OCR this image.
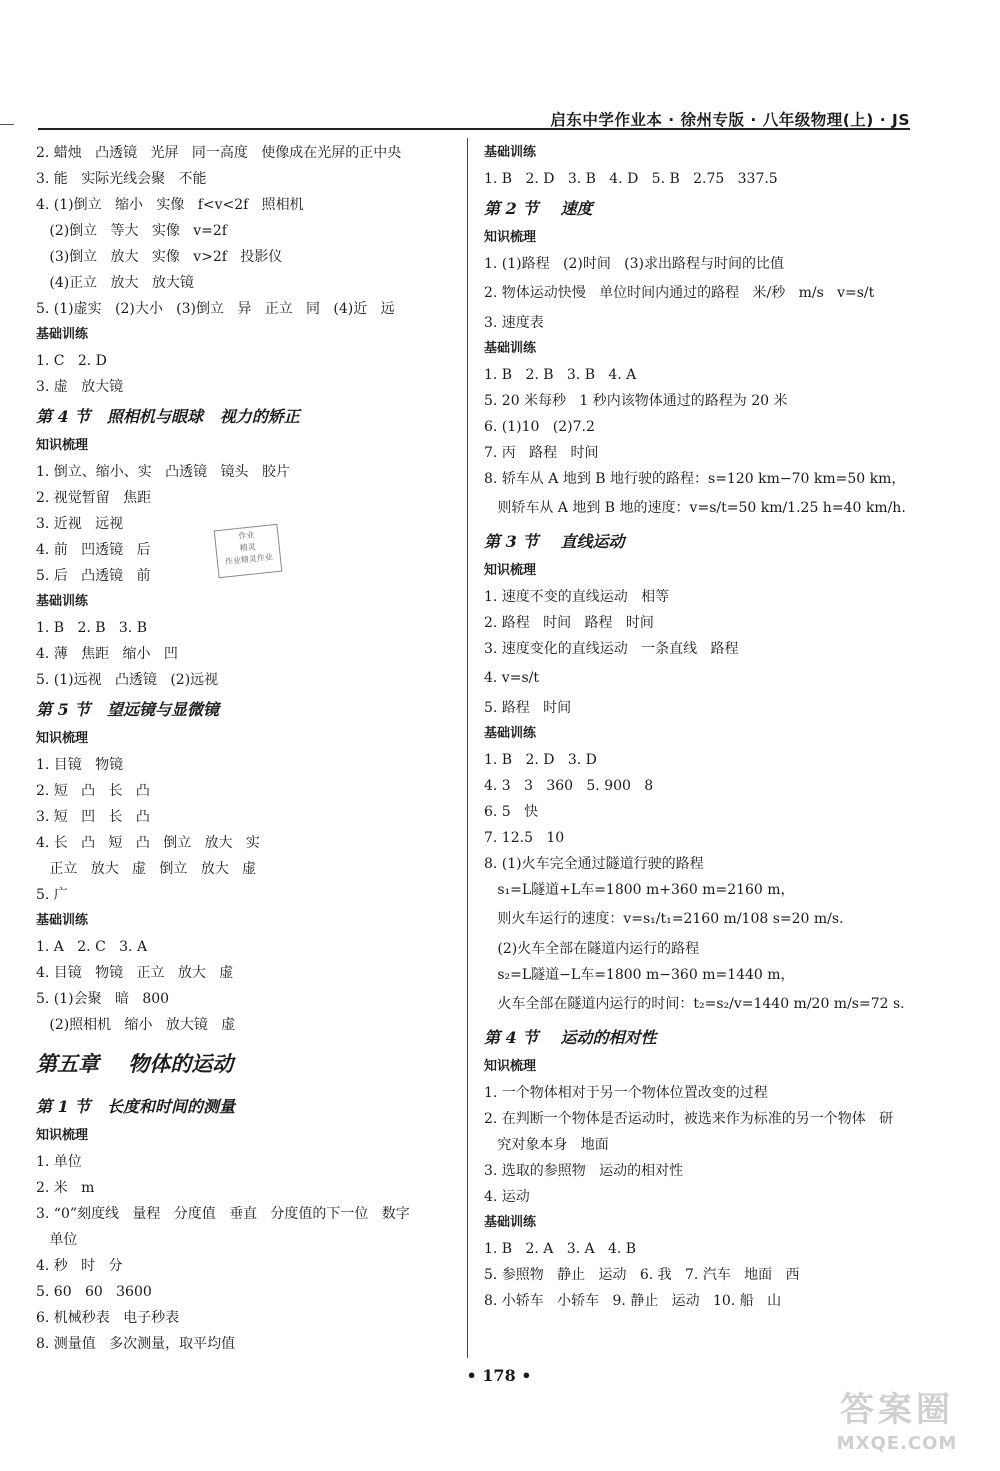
启东中学作业本 · 徐州专版 · 八年级物理(上) · JS
2. 蜡烛   凸透镜   光屏   同一高度   使像成在光屏的正中央
3. 能   实际光线会聚   不能
4. (1)倒立   缩小   实像   f<v<2f   照相机
(2)倒立   等大   实像   v=2f
(3)倒立   放大   实像   v>2f   投影仪
(4)正立   放大   放大镜
5. (1)虚实   (2)大小   (3)倒立   异   正立   同   (4)近   远
基础训练
1. C   2. D
3. 虚   放大镜
第 4 节   照相机与眼球   视力的矫正
知识梳理
1. 倒立、缩小、实   凸透镜   镜头   胶片
2. 视觉暂留   焦距
3. 近视   远视
4. 前   凹透镜   后
5. 后   凸透镜   前
基础训练
1. B   2. B   3. B
4. 薄   焦距   缩小   凹
5. (1)远视   凸透镜   (2)远视
第 5 节   望远镜与显微镜
知识梳理
1. 目镜   物镜
2. 短   凸   长   凸
3. 短   凹   长   凸
4. 长   凸   短   凸   倒立   放大   实
正立   放大   虚   倒立   放大   虚
5. 广
基础训练
1. A   2. C   3. A
4. 目镜   物镜   正立   放大   虚
5. (1)会聚   暗   800
(2)照相机   缩小   放大镜   虚
第五章    物体的运动
第 1 节   长度和时间的测量
知识梳理
1. 单位
2. 米   m
3. “0”刻度线   量程   分度值   垂直   分度值的下一位   数字
单位
4. 秒   时   分
5. 60   60   3600
6. 机械秒表   电子秒表
8. 测量值   多次测量，取平均值
基础训练
1. B   2. D   3. B   4. D   5. B   2.75   337.5
第 2 节    速度
知识梳理
1. (1)路程   (2)时间   (3)求出路程与时间的比值
2. 物体运动快慢   单位时间内通过的路程   米/秒   m/s   v=s/t
3. 速度表
基础训练
1. B   2. B   3. B   4. A
5. 20 米每秒   1 秒内该物体通过的路程为 20 米
6. (1)10   (2)7.2
7. 丙   路程   时间
8. 轿车从 A 地到 B 地行驶的路程：s=120 km−70 km=50 km，
则轿车从 A 地到 B 地的速度：v=s/t=50 km/1.25 h=40 km/h.
第 3 节    直线运动
知识梳理
1. 速度不变的直线运动   相等
2. 路程   时间   路程   时间
3. 速度变化的直线运动   一条直线   路程
4. v=s/t
5. 路程   时间
基础训练
1. B   2. D   3. D
4. 3   3   360   5. 900   8
6. 5   快
7. 12.5   10
8. (1)火车完全通过隧道行驶的路程
s₁=L隧道+L车=1800 m+360 m=2160 m，
则火车运行的速度：v=s₁/t₁=2160 m/108 s=20 m/s.
(2)火车全部在隧道内运行的路程
s₂=L隧道−L车=1800 m−360 m=1440 m，
火车全部在隧道内运行的时间：t₂=s₂/v=1440 m/20 m/s=72 s.
第 4 节    运动的相对性
知识梳理
1. 一个物体相对于另一个物体位置改变的过程
2. 在判断一个物体是否运动时，被选来作为标准的另一个物体   研
究对象本身   地面
3. 选取的参照物   运动的相对性
4. 运动
基础训练
1. B   2. A   3. A   4. B
5. 参照物   静止   运动   6. 我   7. 汽车   地面   西
8. 小轿车   小轿车   9. 静止   运动   10. 船   山
作业
精灵
作业精灵作业
• 178 •
答案圈
MXQE.COM
